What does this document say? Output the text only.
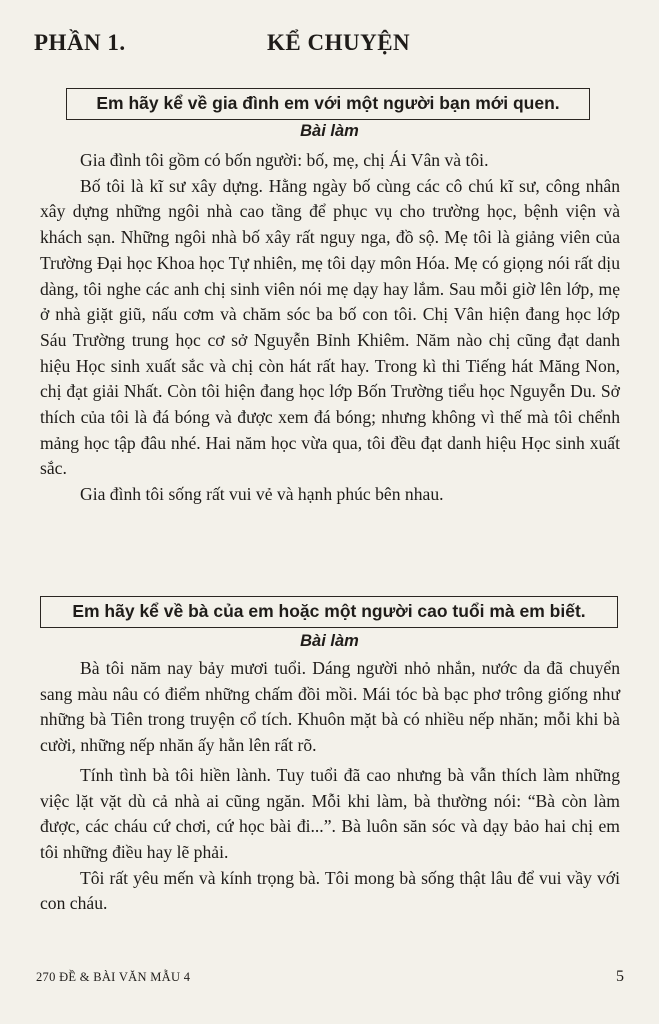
PHẦN 1.	KỂ CHUYỆN
Em hãy kể về gia đình em với một người bạn mới quen.
Bài làm

Gia đình tôi gồm có bốn người: bố, mẹ, chị Ái Vân và tôi.

Bố tôi là kĩ sư xây dựng. Hằng ngày bố cùng các cô chú kĩ sư, công nhân xây dựng những ngôi nhà cao tầng để phục vụ cho trường học, bệnh viện và khách sạn. Những ngôi nhà bố xây rất nguy nga, đồ sộ. Mẹ tôi là giảng viên của Trường Đại học Khoa học Tự nhiên, mẹ tôi dạy môn Hóa. Mẹ có giọng nói rất dịu dàng, tôi nghe các anh chị sinh viên nói mẹ dạy hay lắm. Sau mỗi giờ lên lớp, mẹ ở nhà giặt giũ, nấu cơm và chăm sóc ba bố con tôi. Chị Vân hiện đang học lớp Sáu Trường trung học cơ sở Nguyễn Bỉnh Khiêm. Năm nào chị cũng đạt danh hiệu Học sinh xuất sắc và chị còn hát rất hay. Trong kì thi Tiếng hát Măng Non, chị đạt giải Nhất. Còn tôi hiện đang học lớp Bốn Trường tiểu học Nguyễn Du. Sở thích của tôi là đá bóng và được xem đá bóng; nhưng không vì thế mà tôi chểnh mảng học tập đâu nhé. Hai năm học vừa qua, tôi đều đạt danh hiệu Học sinh xuất sắc.

Gia đình tôi sống rất vui vẻ và hạnh phúc bên nhau.

Em hãy kể về bà của em hoặc một người cao tuổi mà em biết.
Bài làm

Bà tôi năm nay bảy mươi tuổi. Dáng người nhỏ nhắn, nước da đã chuyển sang màu nâu có điểm những chấm đồi mồi. Mái tóc bà bạc phơ trông giống như những bà Tiên trong truyện cổ tích. Khuôn mặt bà có nhiều nếp nhăn; mỗi khi bà cười, những nếp nhăn ấy hằn lên rất rõ.

Tính tình bà tôi hiền lành. Tuy tuổi đã cao nhưng bà vẫn thích làm những việc lặt vặt dù cả nhà ai cũng ngăn. Mỗi khi làm, bà thường nói: “Bà còn làm được, các cháu cứ chơi, cứ học bài đi...”. Bà luôn săn sóc và dạy bảo hai chị em tôi những điều hay lẽ phải.

Tôi rất yêu mến và kính trọng bà. Tôi mong bà sống thật lâu để vui vầy với con cháu.

270 ĐỀ & BÀI VĂN MẪU 4	5
